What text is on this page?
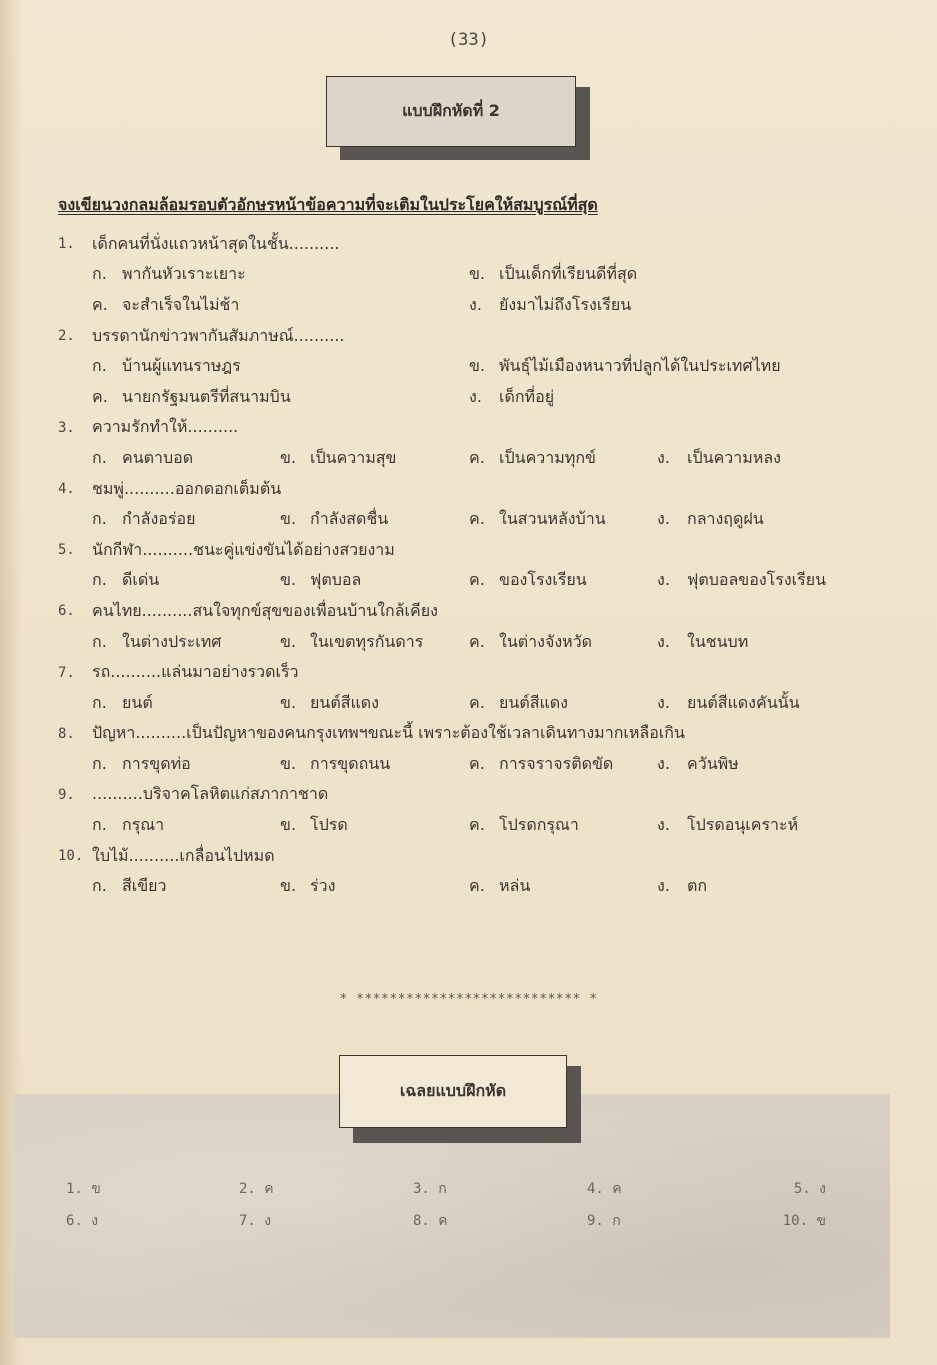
(33)
แบบฝึกหัดที่ 2
จงเขียนวงกลมล้อมรอบตัวอักษรหน้าข้อความที่จะเติมในประโยคให้สมบูรณ์ที่สุด
1.	เด็กคนที่นั่งแถวหน้าสุดในชั้น..........
ก. พากันหัวเราะเยาะ	ข. เป็นเด็กที่เรียนดีที่สุด
ค. จะสำเร็จในไม่ช้า	ง.	ยังมาไม่ถึงโรงเรียน
2.	บรรดานักข่าวพากันสัมภาษณ์..........
ก. บ้านผู้แทนราษฎร	ข. พันธุ์ไม้เมืองหนาวที่ปลูกได้ในประเทศไทย
ค. นายกรัฐมนตรีที่สนามบิน	ง.	เด็กที่อยู่
3.	ความรักทำให้..........
ก. คนตาบอด	ข. เป็นความสุข	ค. เป็นความทุกข์	ง.	เป็นความหลง
4.	ชมพู่..........ออกดอกเต็มต้น
ก. กำลังอร่อย	ข. กำลังสดชื่น	ค. ในสวนหลังบ้าน	ง.	กลางฤดูฝน
5.	นักกีฬา..........ชนะคู่แข่งขันได้อย่างสวยงาม
ก. ดีเด่น	ข. ฟุตบอล	ค. ของโรงเรียน	ง.	ฟุตบอลของโรงเรียน
6.	คนไทย..........สนใจทุกข์สุขของเพื่อนบ้านใกล้เคียง
ก. ในต่างประเทศ	ข. ในเขตทุรกันดาร	ค. ในต่างจังหวัด	ง.	ในชนบท
7.	รถ..........แล่นมาอย่างรวดเร็ว
ก. ยนต์	ข. ยนต์สีแดง	ค. ยนต์สีแดง	ง.	ยนต์สีแดงคันนั้น
8.	ปัญหา..........เป็นปัญหาของคนกรุงเทพฯขณะนี้ เพราะต้องใช้เวลาเดินทางมากเหลือเกิน
ก. การขุดท่อ	ข. การขุดถนน	ค. การจราจรติดขัด	ง.	ควันพิษ
9.	..........บริจาคโลหิตแก่สภากาชาด
ก. กรุณา	ข. โปรด	ค. โปรดกรุณา	ง.	โปรดอนุเคราะห์
10. ใบไม้..........เกลื่อนไปหมด
ก. สีเขียว	ข. ร่วง	ค. หล่น	ง.	ตก
* *************************** *
เฉลยแบบฝึกหัด
1. ข	2. ค	3. ก	4. ค	5. ง
6. ง	7. ง	8. ค	9. ก	10. ข
